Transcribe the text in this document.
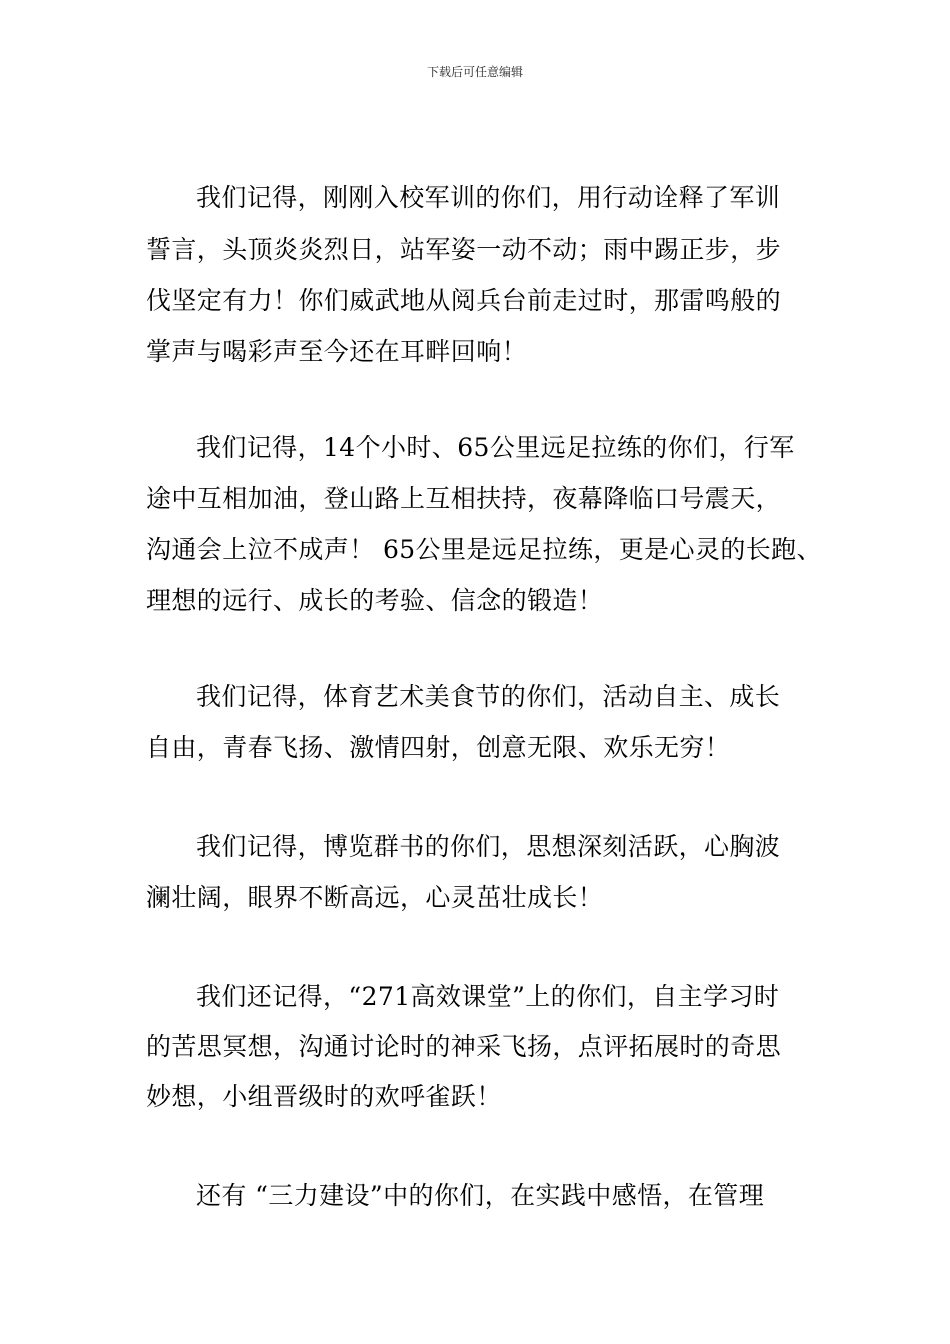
下载后可任意编辑
我们记得，刚刚入校军训的你们，用行动诠释了军训
誓言，头顶炎炎烈日，站军姿一动不动；雨中踢正步，步
伐坚定有力！你们威武地从阅兵台前走过时，那雷鸣般的
掌声与喝彩声至今还在耳畔回响！
我们记得，14个小时、65公里远足拉练的你们，行军
途中互相加油，登山路上互相扶持，夜幕降临口号震天，
沟通会上泣不成声！ 65公里是远足拉练，更是心灵的长跑、
理想的远行、成长的考验、信念的锻造！
我们记得，体育艺术美食节的你们，活动自主、成长
自由，青春飞扬、激情四射，创意无限、欢乐无穷！
我们记得，博览群书的你们，思想深刻活跃，心胸波
澜壮阔，眼界不断高远，心灵茁壮成长！
我们还记得，“271高效课堂”上的你们，自主学习时
的苦思冥想，沟通讨论时的神采飞扬，点评拓展时的奇思
妙想，小组晋级时的欢呼雀跃！
还有 “三力建设”中的你们，在实践中感悟，在管理
